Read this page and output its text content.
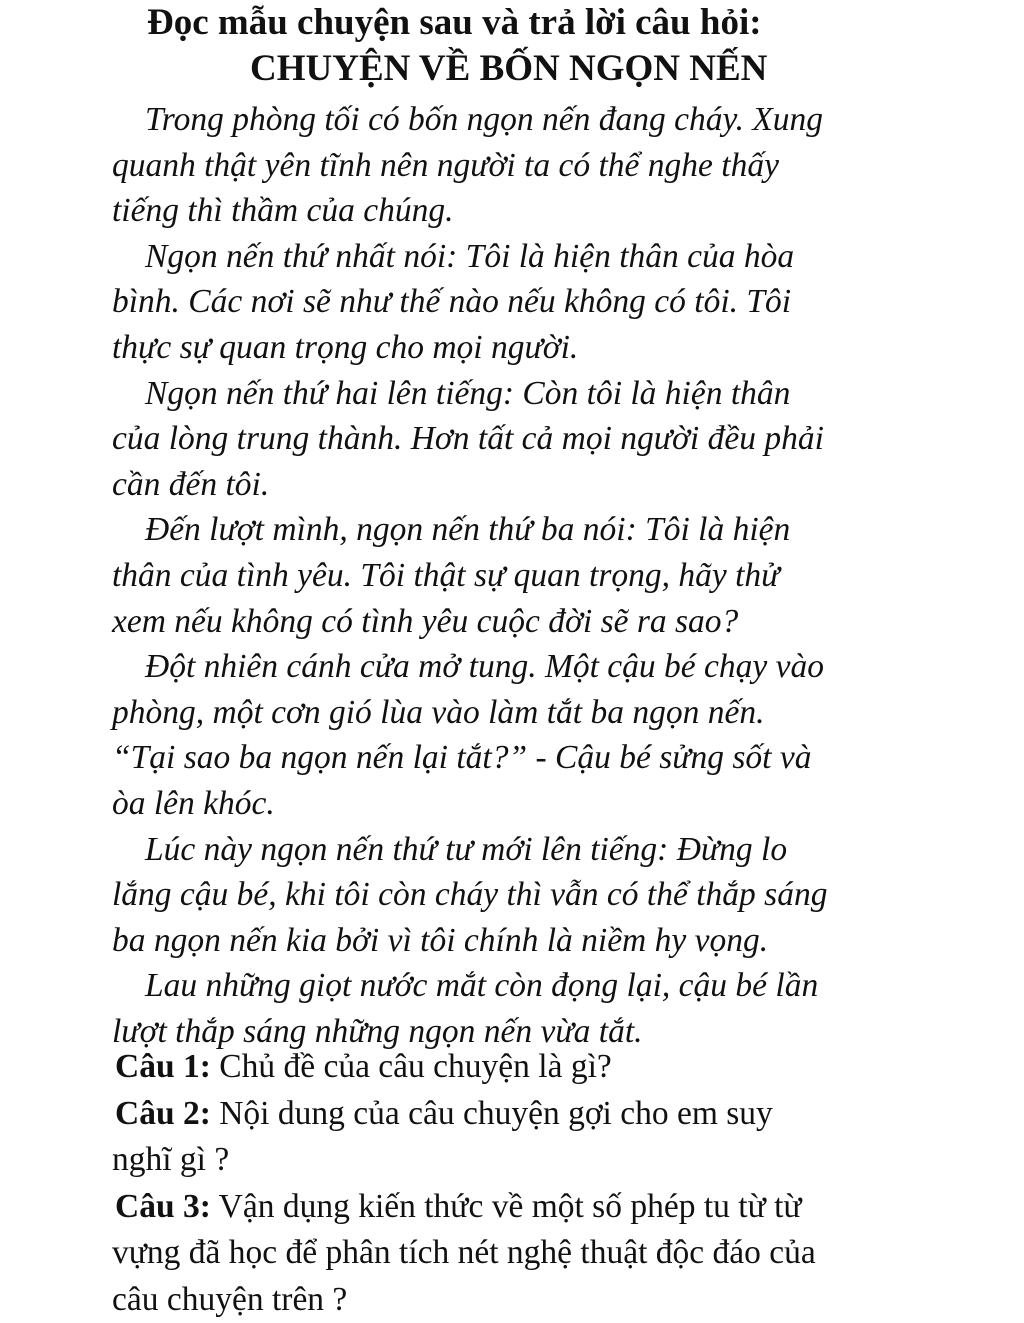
Đọc mẫu chuyện sau và trả lời câu hỏi:
CHUYỆN VỀ BỐN NGỌN NẾN

Trong phòng tối có bốn ngọn nến đang cháy. Xung
quanh thật yên tĩnh nên người ta có thể nghe thấy
tiếng thì thầm của chúng.

Ngọn nến thứ nhất nói: Tôi là hiện thân của hòa
bình. Các nơi sẽ như thế nào nếu không có tôi. Tôi
thực sự quan trọng cho mọi người.

Ngọn nến thứ hai lên tiếng: Còn tôi là hiện thân
của lòng trung thành. Hơn tất cả mọi người đều phải
cần đến tôi.

Đến lượt mình, ngọn nến thứ ba nói: Tôi là hiện
thân của tình yêu. Tôi thật sự quan trọng, hãy thử
xem nếu không có tình yêu cuộc đời sẽ ra sao?

Đột nhiên cánh cửa mở tung. Một cậu bé chạy vào
phòng, một cơn gió lùa vào làm tắt ba ngọn nến.
“Tại sao ba ngọn nến lại tắt?” - Cậu bé sửng sốt và
òa lên khóc.

Lúc này ngọn nến thứ tư mới lên tiếng: Đừng lo
lắng cậu bé, khi tôi còn cháy thì vẫn có thể thắp sáng
ba ngọn nến kia bởi vì tôi chính là niềm hy vọng.

Lau những giọt nước mắt còn đọng lại, cậu bé lần
lượt thắp sáng những ngọn nến vừa tắt.

Câu 1: Chủ đề của câu chuyện là gì?

Câu 2: Nội dung của câu chuyện gợi cho em suy
nghĩ gì ?

Câu 3: Vận dụng kiến thức về một số phép tu từ từ
vựng đã học để phân tích nét nghệ thuật độc đáo của
câu chuyện trên ?
